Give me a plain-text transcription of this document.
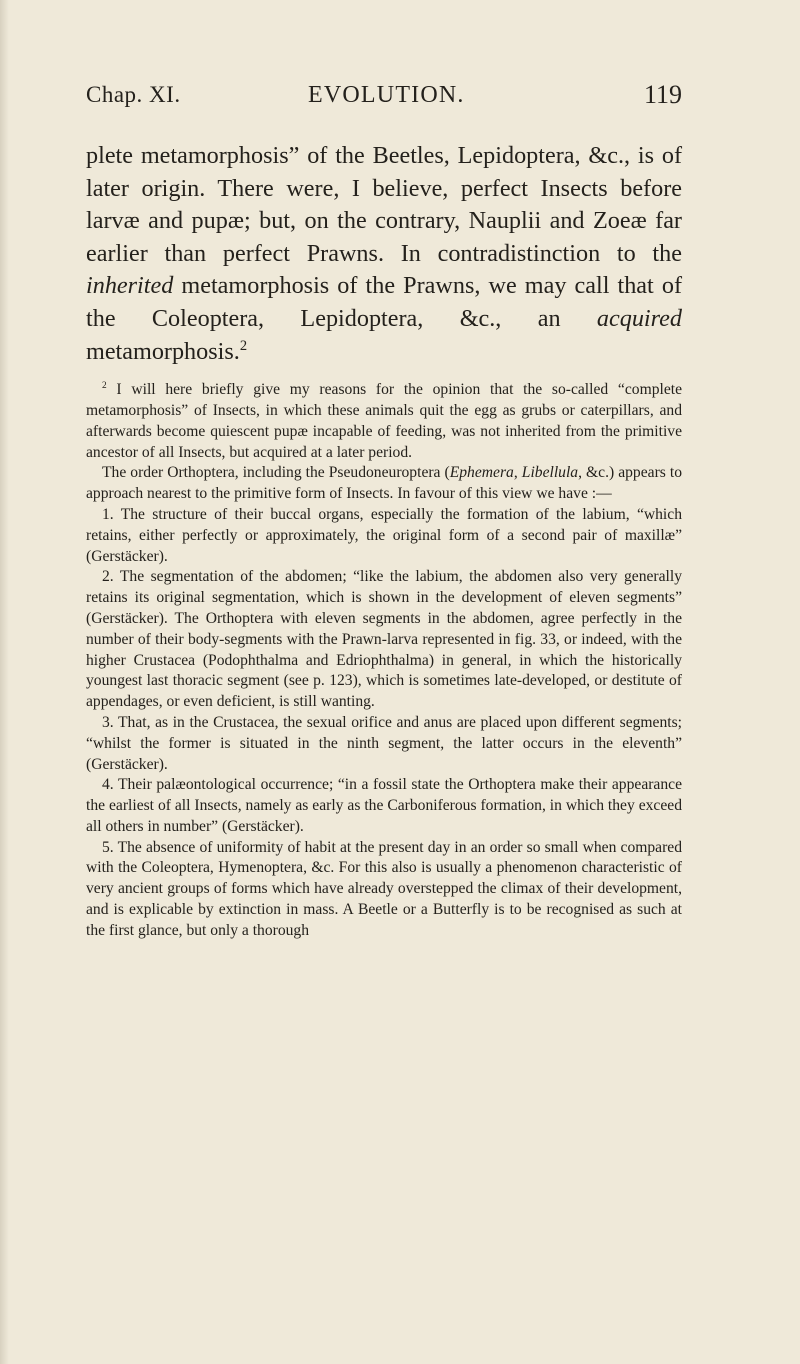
Chap. XI.	EVOLUTION.	119

plete metamorphosis” of the Beetles, Lepidoptera, &c., is of later origin. There were, I believe, perfect Insects before larvæ and pupæ; but, on the contrary, Nauplii and Zoeæ far earlier than perfect Prawns. In contradistinction to the inherited metamorphosis of the Prawns, we may call that of the Coleoptera, Lepidoptera, &c., an acquired metamorphosis.$^2$

$^2$ I will here briefly give my reasons for the opinion that the so-called “complete metamorphosis” of Insects, in which these animals quit the egg as grubs or caterpillars, and afterwards become quiescent pupæ incapable of feeding, was not inherited from the primitive ancestor of all Insects, but acquired at a later period.

The order Orthoptera, including the Pseudoneuroptera (Ephemera, Libellula, &c.) appears to approach nearest to the primitive form of Insects. In favour of this view we have :—

1. The structure of their buccal organs, especially the formation of the labium, “which retains, either perfectly or approximately, the original form of a second pair of maxillæ” (Gerstäcker).

2. The segmentation of the abdomen; “like the labium, the abdomen also very generally retains its original segmentation, which is shown in the development of eleven segments” (Gerstäcker). The Orthoptera with eleven segments in the abdomen, agree perfectly in the number of their body-segments with the Prawn-larva represented in fig. 33, or indeed, with the higher Crustacea (Podophthalma and Edriophthalma) in general, in which the historically youngest last thoracic segment (see p. 123), which is sometimes late-developed, or destitute of appendages, or even deficient, is still wanting.

3. That, as in the Crustacea, the sexual orifice and anus are placed upon different segments; “whilst the former is situated in the ninth segment, the latter occurs in the eleventh” (Gerstäcker).

4. Their palæontological occurrence; “in a fossil state the Orthoptera make their appearance the earliest of all Insects, namely as early as the Carboniferous formation, in which they exceed all others in number” (Gerstäcker).

5. The absence of uniformity of habit at the present day in an order so small when compared with the Coleoptera, Hymenoptera, &c. For this also is usually a phenomenon characteristic of very ancient groups of forms which have already overstepped the climax of their development, and is explicable by extinction in mass. A Beetle or a Butterfly is to be recognised as such at the first glance, but only a thorough
